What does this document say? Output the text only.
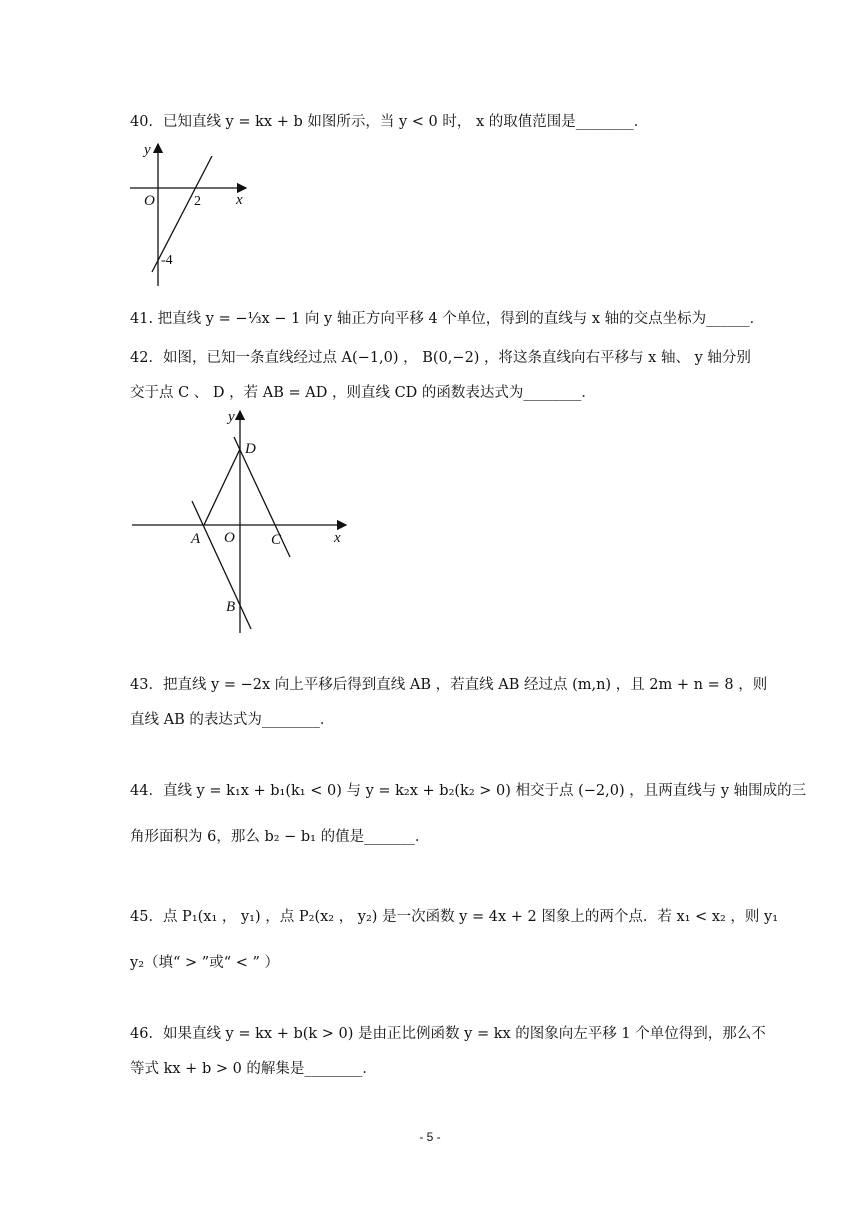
40．已知直线 y = kx + b 如图所示，当 y < 0 时， x 的取值范围是________．
y
x
O	2
-4
41. 把直线 y = −⅓x − 1 向 y 轴正方向平移 4 个单位，得到的直线与 x 轴的交点坐标为______．
42．如图，已知一条直线经过点 A(−1,0) ， B(0,−2) ，将这条直线向右平移与 x 轴、 y 轴分别
交于点 C 、 D ，若 AB = AD ，则直线 CD 的函数表达式为________．
y
x
O
A
B
C
D
43．把直线 y = −2x 向上平移后得到直线 AB ，若直线 AB 经过点 (m,n) ，且 2m + n = 8 ，则
直线 AB 的表达式为________．
44．直线 y = k₁x + b₁(k₁ < 0) 与 y = k₂x + b₂(k₂ > 0) 相交于点 (−2,0) ，且两直线与 y 轴围成的三
角形面积为 6，那么 b₂ − b₁ 的值是_______．
45．点 P₁(x₁ ， y₁) ，点 P₂(x₂ ， y₂) 是一次函数 y = 4x + 2 图象上的两个点．若 x₁ < x₂ ，则 y₁
y₂（填“ > ”或“ < ” ）
46．如果直线 y = kx + b(k > 0) 是由正比例函数 y = kx 的图象向左平移 1 个单位得到，那么不
等式 kx + b > 0 的解集是________．
- 5 -
